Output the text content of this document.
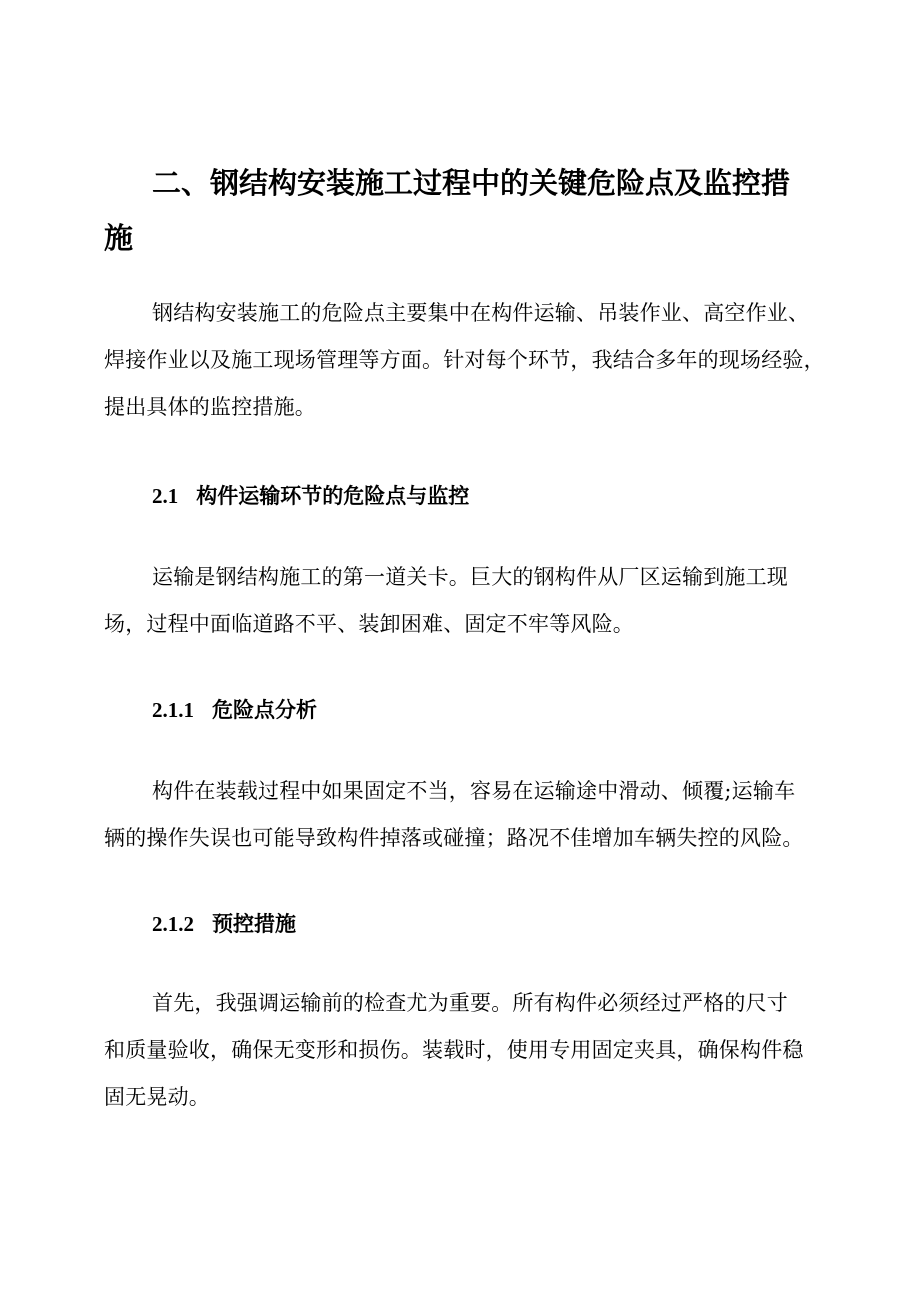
二、钢结构安装施工过程中的关键危险点及监控措
施
钢结构安装施工的危险点主要集中在构件运输、吊装作业、高空作业、
焊接作业以及施工现场管理等方面。针对每个环节，我结合多年的现场经验，
提出具体的监控措施。
2.1 构件运输环节的危险点与监控
运输是钢结构施工的第一道关卡。巨大的钢构件从厂区运输到施工现
场，过程中面临道路不平、装卸困难、固定不牢等风险。
2.1.1 危险点分析
构件在装载过程中如果固定不当，容易在运输途中滑动、倾覆;运输车
辆的操作失误也可能导致构件掉落或碰撞；路况不佳增加车辆失控的风险。
2.1.2 预控措施
首先，我强调运输前的检查尤为重要。所有构件必须经过严格的尺寸
和质量验收，确保无变形和损伤。装载时，使用专用固定夹具，确保构件稳
固无晃动。
